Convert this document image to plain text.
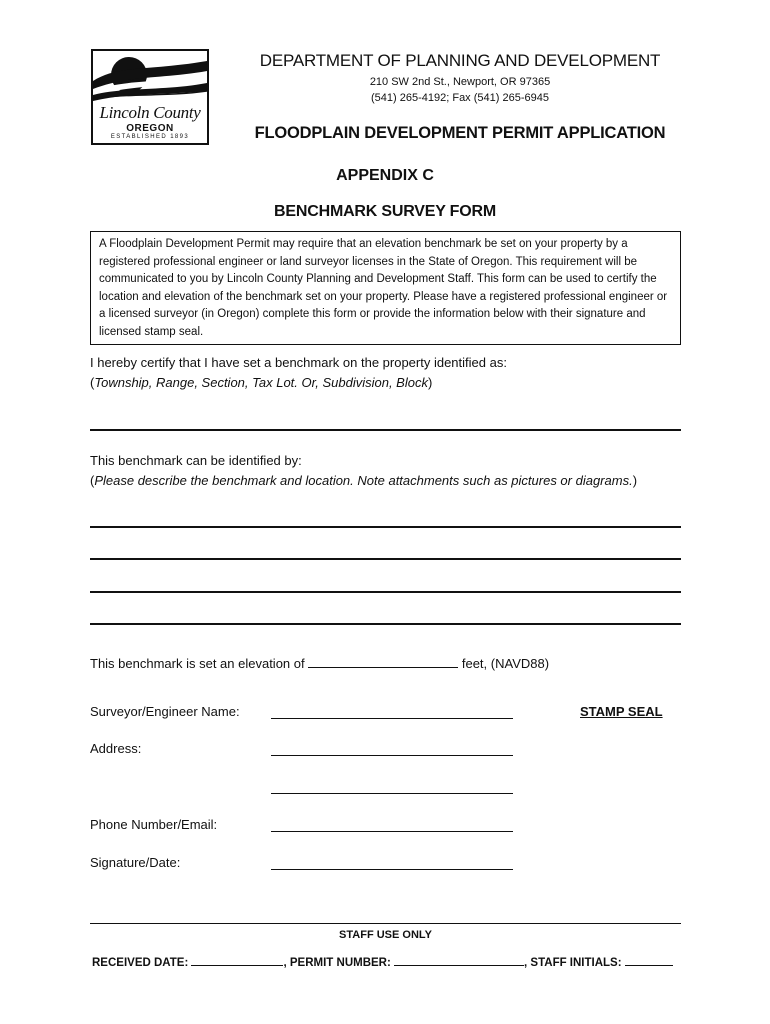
Lincoln County
OREGON
ESTABLISHED 1893
DEPARTMENT OF PLANNING AND DEVELOPMENT
210 SW 2nd St., Newport, OR 97365
(541) 265-4192; Fax (541) 265-6945
FLOODPLAIN DEVELOPMENT PERMIT APPLICATION
APPENDIX C
BENCHMARK SURVEY FORM
A Floodplain Development Permit may require that an elevation benchmark be set on your property by a registered professional engineer or land surveyor licenses in the State of Oregon. This requirement will be communicated to you by Lincoln County Planning and Development Staff. This form can be used to certify the location and elevation of the benchmark set on your property. Please have a registered professional engineer or a licensed surveyor (in Oregon) complete this form or provide the information below with their signature and licensed stamp seal.
I hereby certify that I have set a benchmark on the property identified as:
(Township, Range, Section, Tax Lot. Or, Subdivision, Block)
This benchmark can be identified by:
(Please describe the benchmark and location. Note attachments such as pictures or diagrams.)
This benchmark is set an elevation of	feet, (NAVD88)
Surveyor/Engineer Name:	STAMP SEAL
Address:
Phone Number/Email:
Signature/Date:
STAFF USE ONLY
RECEIVED DATE:	, PERMIT NUMBER:	, STAFF INITIALS:
